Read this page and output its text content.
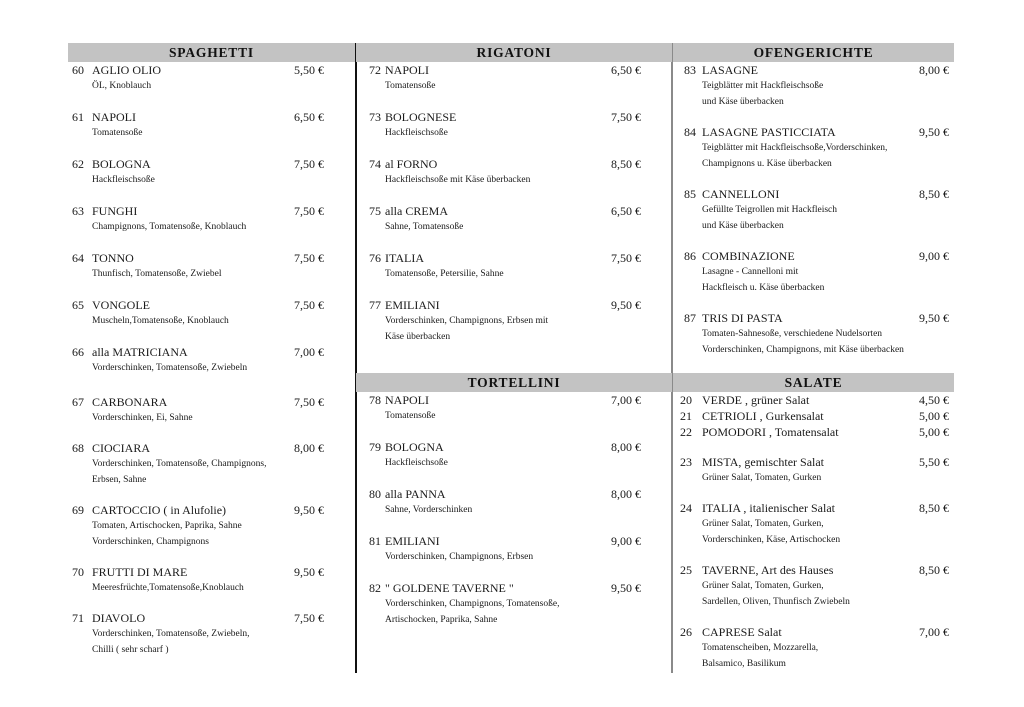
SPAGHETTI
60 AGLIO OLIO	5,50 €
ÖL, Knoblauch
61 NAPOLI	6,50 €
Tomatensoße
62 BOLOGNA	7,50 €
Hackfleischsoße
63 FUNGHI	7,50 €
Champignons, Tomatensoße, Knoblauch
64 TONNO	7,50 €
Thunfisch, Tomatensoße, Zwiebel
65 VONGOLE	7,50 €
Muscheln,Tomatensoße, Knoblauch
66 alla MATRICIANA	7,00 €
Vorderschinken, Tomatensoße, Zwiebeln
67 CARBONARA	7,50 €
Vorderschinken, Ei, Sahne
68 CIOCIARA	8,00 €
Vorderschinken, Tomatensoße, Champignons,
Erbsen, Sahne
69 CARTOCCIO ( in Alufolie)	9,50 €
Tomaten, Artischocken, Paprika, Sahne
Vorderschinken, Champignons
70 FRUTTI DI MARE	9,50 €
Meeresfrüchte,Tomatensoße,Knoblauch
71 DIAVOLO	7,50 €
Vorderschinken, Tomatensoße, Zwiebeln,
Chilli ( sehr scharf )
RIGATONI
72 NAPOLI	6,50 €
Tomatensoße
73 BOLOGNESE	7,50 €
Hackfleischsoße
74 al FORNO	8,50 €
Hackfleischsoße mit Käse überbacken
75 alla CREMA	6,50 €
Sahne, Tomatensoße
76 ITALIA	7,50 €
Tomatensoße, Petersilie, Sahne
77 EMILIANI	9,50 €
Vorderschinken, Champignons, Erbsen mit
Käse überbacken
TORTELLINI
78 NAPOLI	7,00 €
Tomatensoße
79 BOLOGNA	8,00 €
Hackfleischsoße
80 alla PANNA	8,00 €
Sahne, Vorderschinken
81 EMILIANI	9,00 €
Vorderschinken, Champignons, Erbsen
82 " GOLDENE TAVERNE "	9,50 €
Vorderschinken, Champignons, Tomatensoße,
Artischocken, Paprika, Sahne
OFENGERICHTE
83 LASAGNE	8,00 €
Teigblätter mit Hackfleischsoße
und Käse überbacken
84 LASAGNE PASTICCIATA	9,50 €
Teigblätter mit Hackfleischsoße,Vorderschinken,
Champignons u. Käse überbacken
85 CANNELLONI	8,50 €
Gefüllte Teigrollen mit Hackfleisch
und Käse überbacken
86 COMBINAZIONE	9,00 €
Lasagne - Cannelloni mit
Hackfleisch u. Käse überbacken
87 TRIS DI PASTA	9,50 €
Tomaten-Sahnesoße, verschiedene Nudelsorten
Vorderschinken, Champignons, mit Käse überbacken
SALATE
20 VERDE , grüner Salat	4,50 €
21 CETRIOLI , Gurkensalat	5,00 €
22 POMODORI , Tomatensalat	5,00 €
23 MISTA, gemischter Salat	5,50 €
Grüner Salat, Tomaten, Gurken
24 ITALIA , italienischer Salat	8,50 €
Grüner Salat, Tomaten, Gurken,
Vorderschinken, Käse, Artischocken
25 TAVERNE, Art des Hauses	8,50 €
Grüner Salat, Tomaten, Gurken,
Sardellen, Oliven, Thunfisch Zwiebeln
26 CAPRESE Salat	7,00 €
Tomatenscheiben, Mozzarella,
Balsamico, Basilikum
